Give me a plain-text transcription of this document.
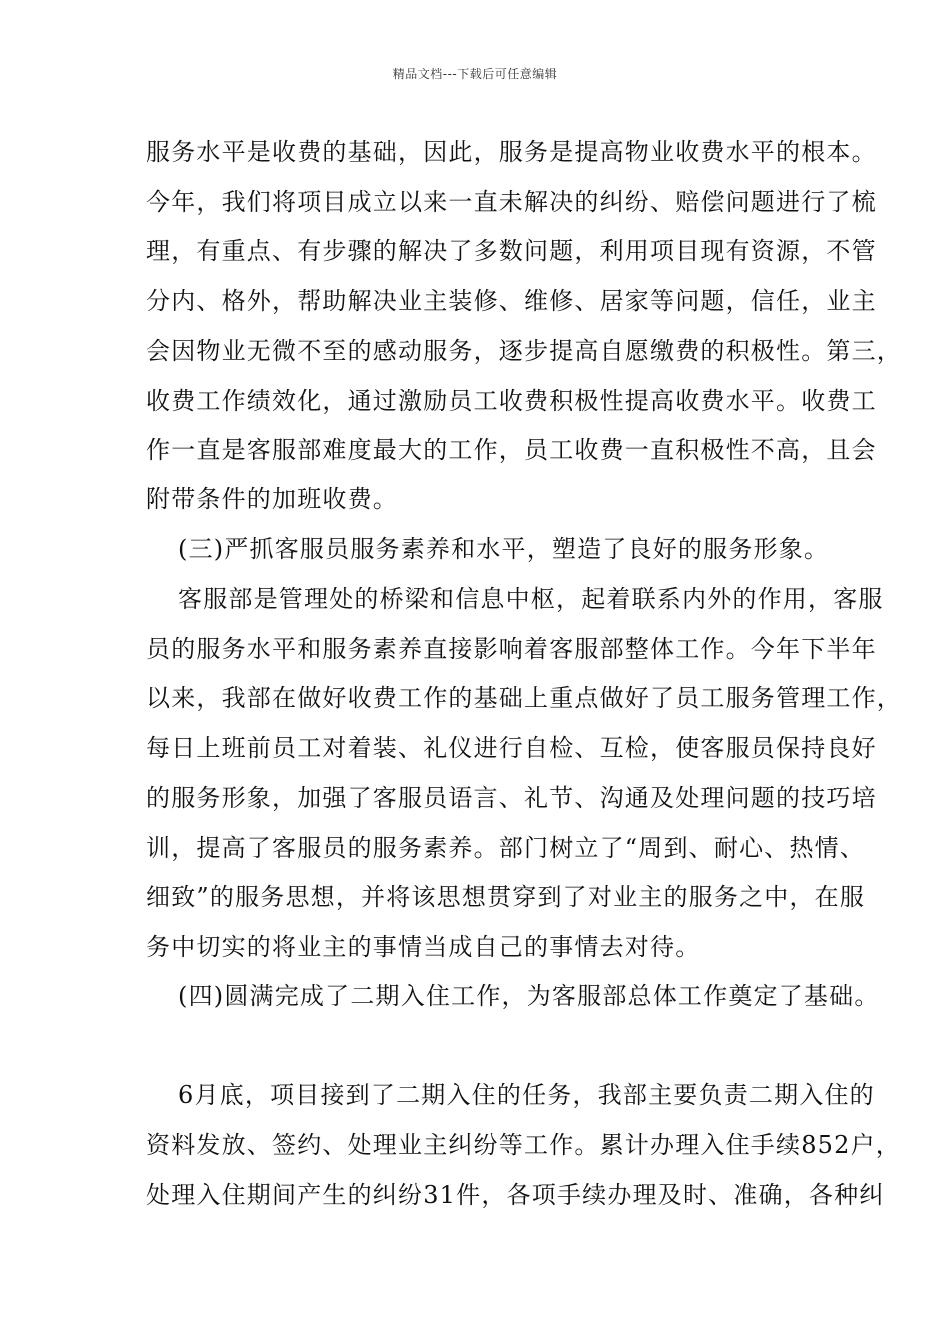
精品文档---下载后可任意编辑
服务水平是收费的基础，因此，服务是提高物业收费水平的根本。
今年，我们将项目成立以来一直未解决的纠纷、赔偿问题进行了梳
理，有重点、有步骤的解决了多数问题，利用项目现有资源，不管
分内、格外，帮助解决业主装修、维修、居家等问题，信任，业主
会因物业无微不至的感动服务，逐步提高自愿缴费的积极性。第三，
收费工作绩效化，通过激励员工收费积极性提高收费水平。收费工
作一直是客服部难度最大的工作，员工收费一直积极性不高，且会
附带条件的加班收费。
(三)严抓客服员服务素养和水平，塑造了良好的服务形象。
客服部是管理处的桥梁和信息中枢，起着联系内外的作用，客服
员的服务水平和服务素养直接影响着客服部整体工作。今年下半年
以来，我部在做好收费工作的基础上重点做好了员工服务管理工作，
每日上班前员工对着装、礼仪进行自检、互检，使客服员保持良好
的服务形象，加强了客服员语言、礼节、沟通及处理问题的技巧培
训，提高了客服员的服务素养。部门树立了“周到、耐心、热情、
细致”的服务思想，并将该思想贯穿到了对业主的服务之中，在服
务中切实的将业主的事情当成自己的事情去对待。
(四)圆满完成了二期入住工作，为客服部总体工作奠定了基础。
6月底，项目接到了二期入住的任务，我部主要负责二期入住的
资料发放、签约、处理业主纠纷等工作。累计办理入住手续852户，
处理入住期间产生的纠纷31件，各项手续办理及时、准确，各种纠
